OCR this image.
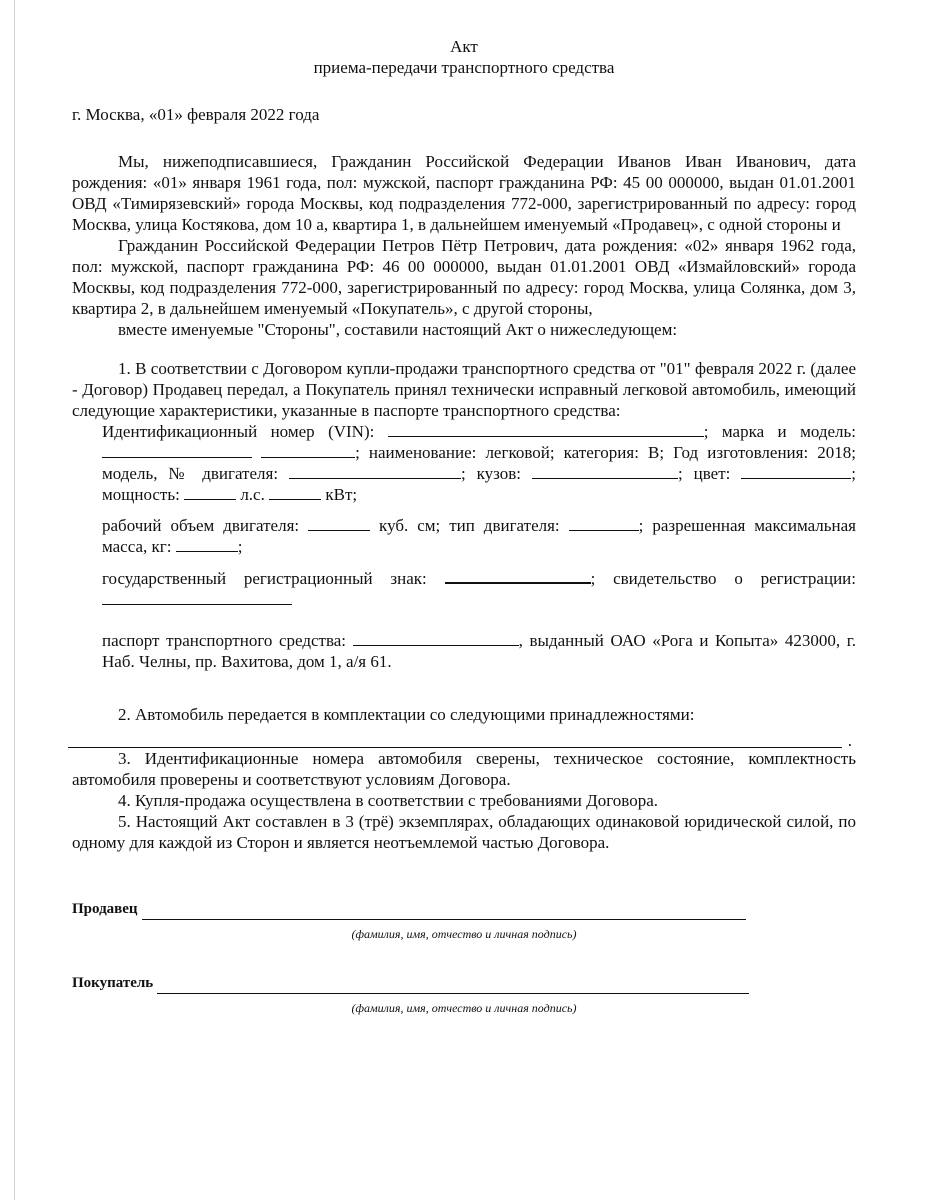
Акт

приема-передачи транспортного средства

г. Москва, «01» февраля 2022 года

Мы, нижеподписавшиеся, Гражданин Российской Федерации Иванов Иван Иванович, дата рождения: «01» января 1961 года, пол: мужской, паспорт гражданина РФ: 45 00 000000, выдан 01.01.2001 ОВД «Тимирязевский» города Москвы, код подразделения 772-000, зарегистрированный по адресу: город Москва, улица Костякова, дом 10 а, квартира 1, в дальнейшем именуемый «Продавец», с одной стороны и

Гражданин Российской Федерации Петров Пётр Петрович, дата рождения: «02» января 1962 года, пол: мужской, паспорт гражданина РФ: 46 00 000000, выдан 01.01.2001 ОВД «Измайловский» города Москвы, код подразделения 772-000, зарегистрированный по адресу: город Москва, улица Солянка, дом 3, квартира 2, в дальнейшем именуемый «Покупатель», с другой стороны,

вместе именуемые "Стороны", составили настоящий Акт о нижеследующем:

1. В соответствии с Договором купли-продажи транспортного средства от "01" февраля 2022 г. (далее - Договор) Продавец передал, а Покупатель принял технически исправный легковой автомобиль, имеющий следующие характеристики, указанные в паспорте транспортного средства:

Идентификационный номер (VIN):	; марка и модель:  ; наименование: легковой; категория: В; Год изготовления: 2018; модель, № двигателя:	; кузов:	; цвет:	; мощность:	л.с.	кВт;

рабочий объем двигателя:	куб. см; тип двигателя:	; разрешенная максимальная масса, кг:	;

государственный регистрационный знак:	; свидетельство о регистрации:

паспорт транспортного средства:	, выданный ОАО «Рога и Копыта» 423000, г. Наб. Челны, пр. Вахитова, дом 1, а/я 61.

2. Автомобиль передается в комплектации со следующими принадлежностями:

.

3. Идентификационные номера автомобиля сверены, техническое состояние, комплектность автомобиля проверены и соответствуют условиям Договора.

4. Купля-продажа осуществлена в соответствии с требованиями Договора.

5. Настоящий Акт составлен в 3 (трё) экземплярах, обладающих одинаковой юридической силой, по одному для каждой из Сторон и является неотъемлемой частью Договора.

Продавец
(фамилия, имя, отчество и личная подпись)
Покупатель
(фамилия, имя, отчество и личная подпись)
